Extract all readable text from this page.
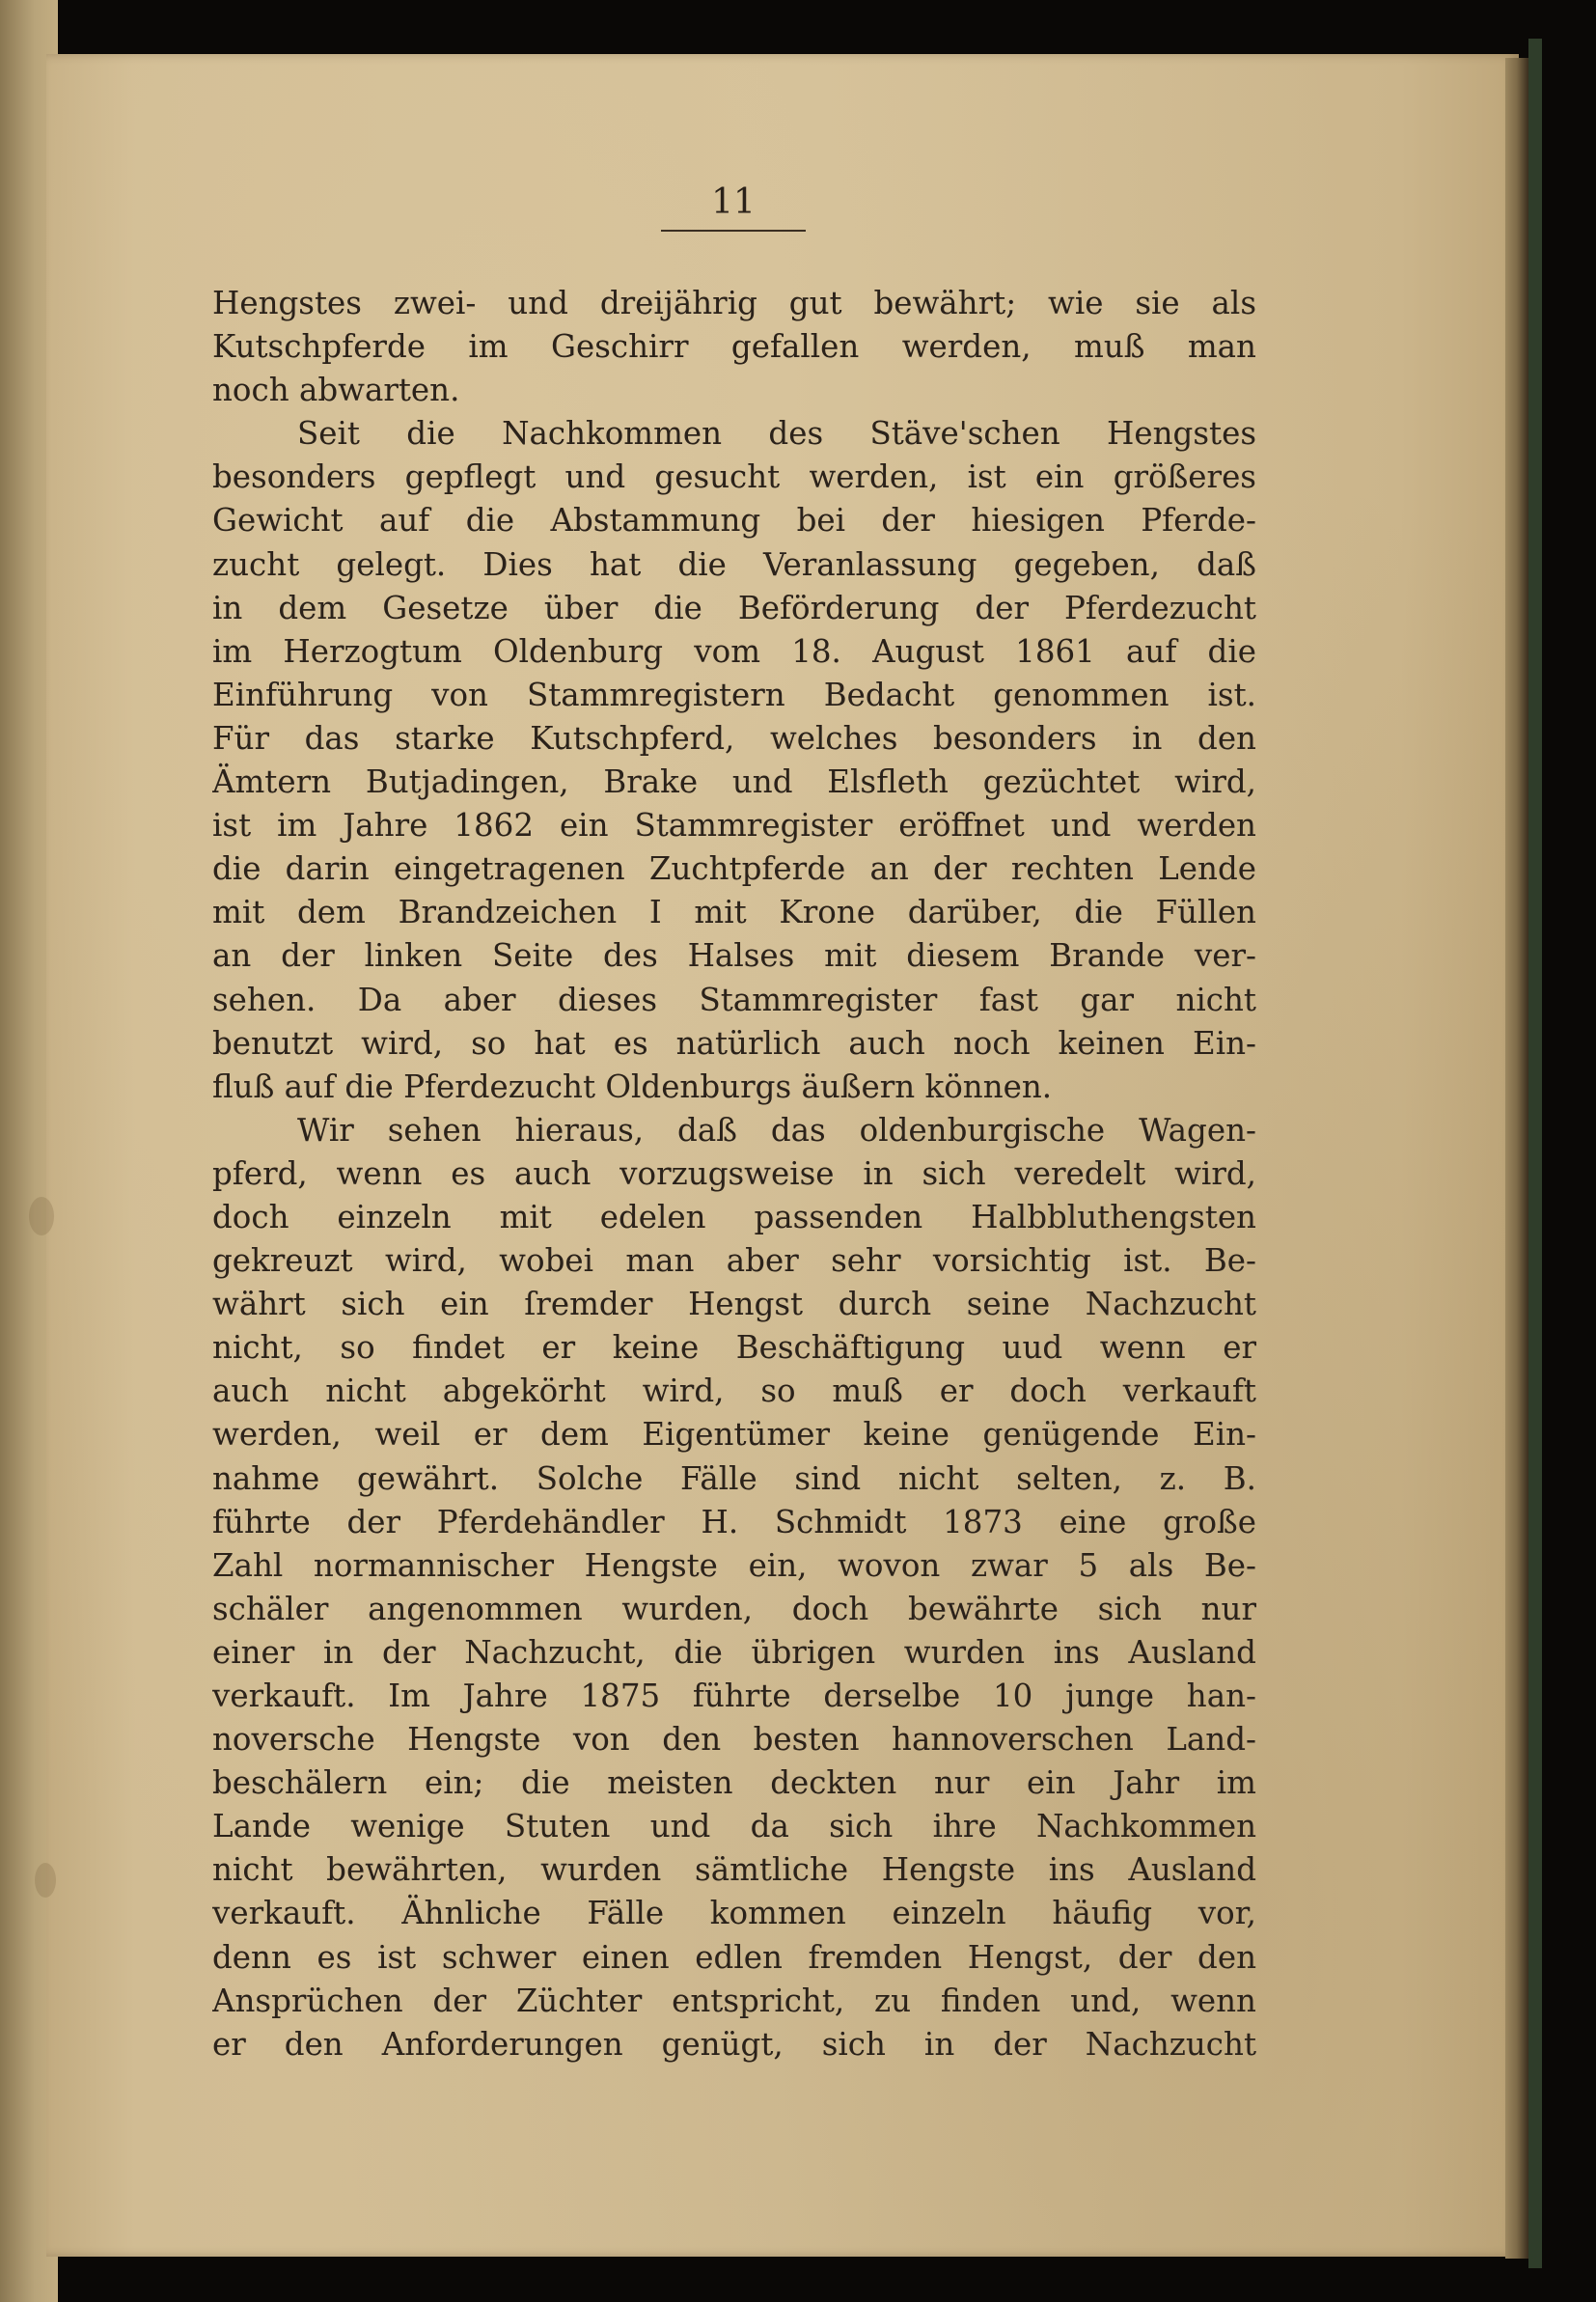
11
Hengstes zwei- und dreijährig gut bewährt; wie sie als
Kutschpferde im Geschirr gefallen werden, muß man
noch abwarten.
Seit die Nachkommen des Stäve'schen Hengstes
besonders gepflegt und gesucht werden, ist ein größeres
Gewicht auf die Abstammung bei der hiesigen Pferde-
zucht gelegt. Dies hat die Veranlassung gegeben, daß
in dem Gesetze über die Beförderung der Pferdezucht
im Herzogtum Oldenburg vom 18. August 1861 auf die
Einführung von Stammregistern Bedacht genommen ist.
Für das starke Kutschpferd, welches besonders in den
Ämtern Butjadingen, Brake und Elsfleth gezüchtet wird,
ist im Jahre 1862 ein Stammregister eröffnet und werden
die darin eingetragenen Zuchtpferde an der rechten Lende
mit dem Brandzeichen I mit Krone darüber, die Füllen
an der linken Seite des Halses mit diesem Brande ver-
sehen. Da aber dieses Stammregister fast gar nicht
benutzt wird, so hat es natürlich auch noch keinen Ein-
fluß auf die Pferdezucht Oldenburgs äußern können.
Wir sehen hieraus, daß das oldenburgische Wagen-
pferd, wenn es auch vorzugsweise in sich veredelt wird,
doch einzeln mit edelen passenden Halbbluthengsten
gekreuzt wird, wobei man aber sehr vorsichtig ist. Be-
währt sich ein ſremder Hengst durch seine Nachzucht
nicht, so findet er keine Beschäftigung uud wenn er
auch nicht abgekörht wird, so muß er doch verkauft
werden, weil er dem Eigentümer keine genügende Ein-
nahme gewährt. Solche Fälle sind nicht selten, z. B.
führte der Pferdehändler H. Schmidt 1873 eine große
Zahl normannischer Hengste ein, wovon zwar 5 als Be-
schäler angenommen wurden, doch bewährte sich nur
einer in der Nachzucht, die übrigen wurden ins Ausland
verkauft. Im Jahre 1875 führte derselbe 10 junge han-
noversche Hengste von den besten hannoverschen Land-
beschälern ein; die meisten deckten nur ein Jahr im
Lande wenige Stuten und da sich ihre Nachkommen
nicht bewährten, wurden sämtliche Hengste ins Ausland
verkauft. Ähnliche Fälle kommen einzeln häufig vor,
denn es ist schwer einen edlen fremden Hengst, der den
Ansprüchen der Züchter entspricht, zu finden und, wenn
er den Anforderungen genügt, sich in der Nachzucht
